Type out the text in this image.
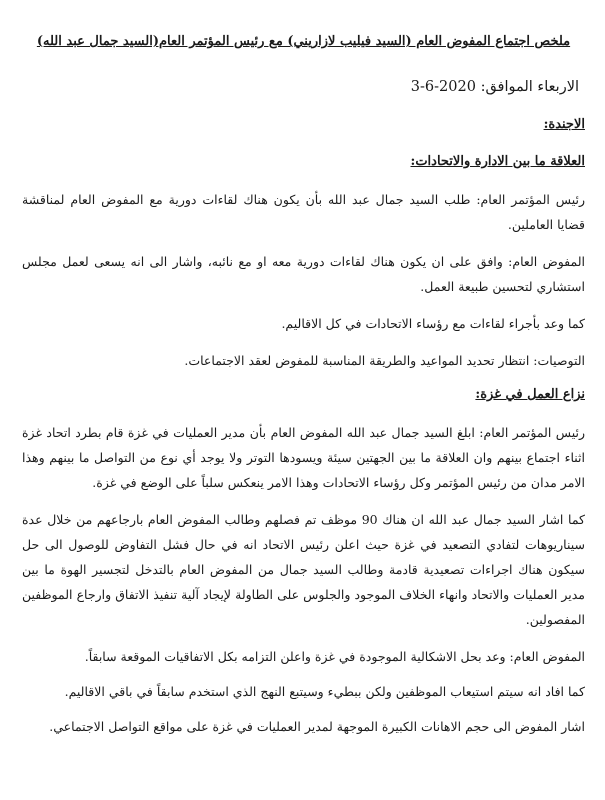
ملخص اجتماع المفوض العام (السيد فيليب لازاريني) مع رئيس المؤتمر العام(السيد جمال عبد الله)
الاربعاء الموافق: 3-6-2020
الاجندة:
العلاقة ما بين الادارة والاتحادات:

رئيس المؤتمر العام: طلب السيد جمال عبد الله بأن يكون هناك لقاءات دورية مع المفوض العام لمناقشة قضايا العاملين.

المفوض العام: وافق على ان يكون هناك لقاءات دورية معه او مع نائبه، واشار الى انه يسعى لعمل مجلس استشاري لتحسين طبيعة العمل.

كما وعد بأجراء لقاءات مع رؤساء الاتحادات في كل الاقاليم.

التوصيات: انتظار تحديد المواعيد والطريقة المناسبة للمفوض لعقد الاجتماعات.

نزاع العمل في غزة:

رئيس المؤتمر العام: ابلغ السيد جمال عبد الله المفوض العام بأن مدير العمليات في غزة قام بطرد اتحاد غزة اثناء اجتماع بينهم وان العلاقة ما بين الجهتين سيئة ويسودها التوتر ولا يوجد أي نوع من التواصل ما بينهم وهذا الامر مدان من رئيس المؤتمر وكل رؤساء الاتحادات وهذا الامر ينعكس سلباً على الوضع في غزة.

كما اشار السيد جمال عبد الله ان هناك 90 موظف تم فصلهم وطالب المفوض العام بارجاعهم من خلال عدة سيناريوهات لتفادي التصعيد في غزة حيث اعلن رئيس الاتحاد انه في حال فشل التفاوض للوصول الى حل سيكون هناك اجراءات تصعيدية قادمة وطالب السيد جمال من المفوض العام بالتدخل لتجسير الهوة ما بين مدير العمليات والاتحاد وانهاء الخلاف الموجود والجلوس على الطاولة لإيجاد آلية تنفيذ الاتفاق وارجاع الموظفين المفصولين.

المفوض العام: وعد بحل الاشكالية الموجودة في غزة واعلن التزامه بكل الاتفاقيات الموقعة سابقاً.

كما افاد انه سيتم استيعاب الموظفين ولكن ببطيء وسيتبع النهج الذي استخدم سابقاً في باقي الاقاليم.

اشار المفوض الى حجم الاهانات الكبيرة الموجهة لمدير العمليات في غزة على مواقع التواصل الاجتماعي.
